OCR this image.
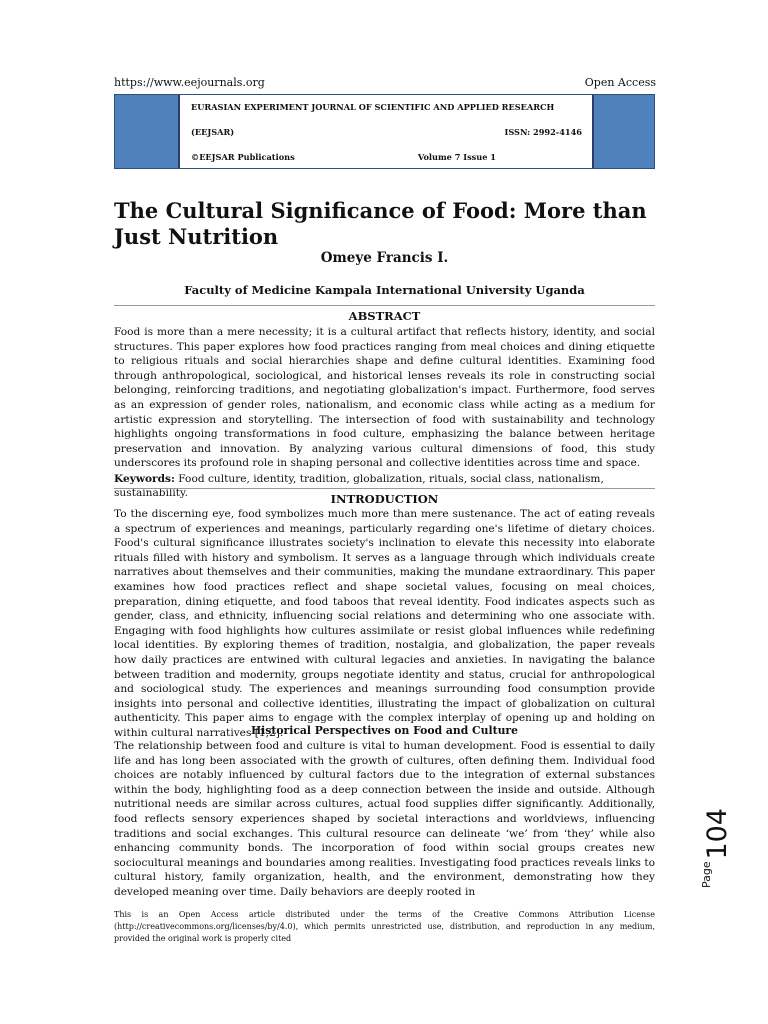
https://www.eejournals.org	Open Access
EURASIAN EXPERIMENT JOURNAL OF SCIENTIFIC AND APPLIED RESEARCH
(EEJSAR)	ISSN: 2992-4146
©EEJSAR Publications	Volume 7 Issue 1
The Cultural Significance of Food: More than Just Nutrition
Omeye Francis I.
Faculty of Medicine Kampala International University Uganda
ABSTRACT

Food is more than a mere necessity; it is a cultural artifact that reflects history, identity, and social structures. This paper explores how food practices ranging from meal choices and dining etiquette to religious rituals and social hierarchies shape and define cultural identities. Examining food through anthropological, sociological, and historical lenses reveals its role in constructing social belonging, reinforcing traditions, and negotiating globalization's impact. Furthermore, food serves as an expression of gender roles, nationalism, and economic class while acting as a medium for artistic expression and storytelling. The intersection of food with sustainability and technology highlights ongoing transformations in food culture, emphasizing the balance between heritage preservation and innovation. By analyzing various cultural dimensions of food, this study underscores its profound role in shaping personal and collective identities across time and space.

Keywords: Food culture, identity, tradition, globalization, rituals, social class, nationalism, sustainability.	INTRODUCTION

To the discerning eye, food symbolizes much more than mere sustenance. The act of eating reveals a spectrum of experiences and meanings, particularly regarding one's lifetime of dietary choices. Food's cultural significance illustrates society's inclination to elevate this necessity into elaborate rituals filled with history and symbolism. It serves as a language through which individuals create narratives about themselves and their communities, making the mundane extraordinary. This paper examines how food practices reflect and shape societal values, focusing on meal choices, preparation, dining etiquette, and food taboos that reveal identity. Food indicates aspects such as gender, class, and ethnicity, influencing social relations and determining who one associate with. Engaging with food highlights how cultures assimilate or resist global influences while redefining local identities. By exploring themes of tradition, nostalgia, and globalization, the paper reveals how daily practices are entwined with cultural legacies and anxieties. In navigating the balance between tradition and modernity, groups negotiate identity and status, crucial for anthropological and sociological study. The experiences and meanings surrounding food consumption provide insights into personal and collective identities, illustrating the impact of globalization on cultural authenticity. This paper aims to engage with the complex interplay of opening up and holding on within cultural narratives [1,2].

Historical Perspectives on Food and Culture

The relationship between food and culture is vital to human development. Food is essential to daily life and has long been associated with the growth of cultures, often defining them. Individual food choices are notably influenced by cultural factors due to the integration of external substances within the body, highlighting food as a deep connection between the inside and outside. Although nutritional needs are similar across cultures, actual food supplies differ significantly. Additionally, food reflects sensory experiences shaped by societal interactions and worldviews, influencing traditions and social exchanges. This cultural resource can delineate ‘we’ from ‘they’ while also enhancing community bonds. The incorporation of food within social groups creates new sociocultural meanings and boundaries among realities. Investigating food practices reveals links to cultural history, family organization, health, and the environment, demonstrating how they developed meaning over time. Daily behaviors are deeply rooted in

This is an Open Access article distributed under the terms of the Creative Commons Attribution License (http://creativecommons.org/licenses/by/4.0), which permits unrestricted use, distribution, and reproduction in any medium, provided the original work is properly cited

Page
104
